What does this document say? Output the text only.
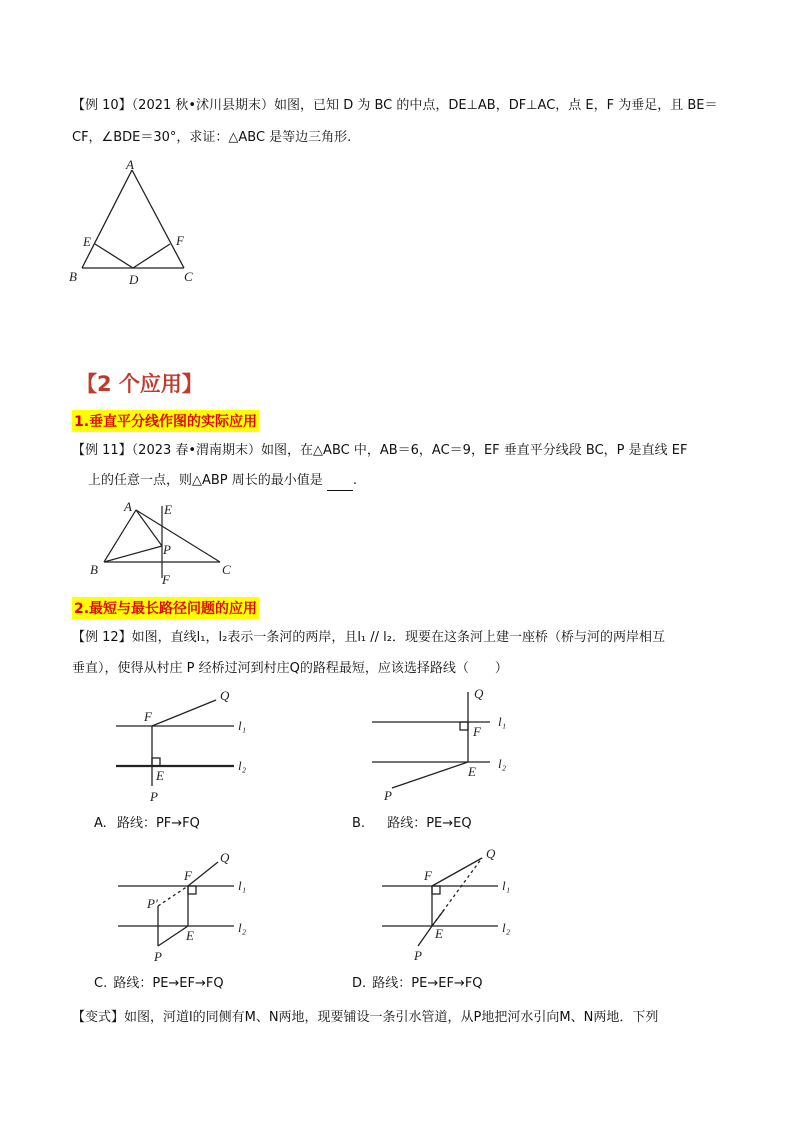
【例 10】（2021 秋•沭川县期末）如图，已知 D 为 BC 的中点，DE⊥AB，DF⊥AC，点 E，F 为垂足，且 BE＝
CF，∠BDE＝30°，求证：△ABC 是等边三角形.
A
E	F
B	D	C
【2 个应用】
1.垂直平分线作图的实际应用
【例 11】（2023 春•渭南期末）如图，在△ABC 中，AB＝6，AC＝9，EF 垂直平分线段 BC，P 是直线 EF
上的任意一点，则△ABP 周长的最小值是 .
A E
P
B	C
F
2.最短与最长路径问题的应用
【例 12】如图，直线l₁，l₂表示一条河的两岸，且l₁ // l₂．现要在这条河上建一座桥（桥与河的两岸相互
垂直），使得从村庄 P 经桥过河到村庄Q的路程最短，应该选择路线（　　）
F
Q
l₁
l₂
E
P
A. 路线：PF→FQ
Q
l₁
F
l₂
E
P
B. 路线：PE→EQ
Q
F
l₁
P′
l₂
E
P
C. 路线：PE→EF→FQ
Q
F
l₁
l₂
E
P
D. 路线：PE→EF→FQ
【变式】如图，河道l的同侧有M、N两地，现要铺设一条引水管道，从P地把河水引向M、N两地．下列
